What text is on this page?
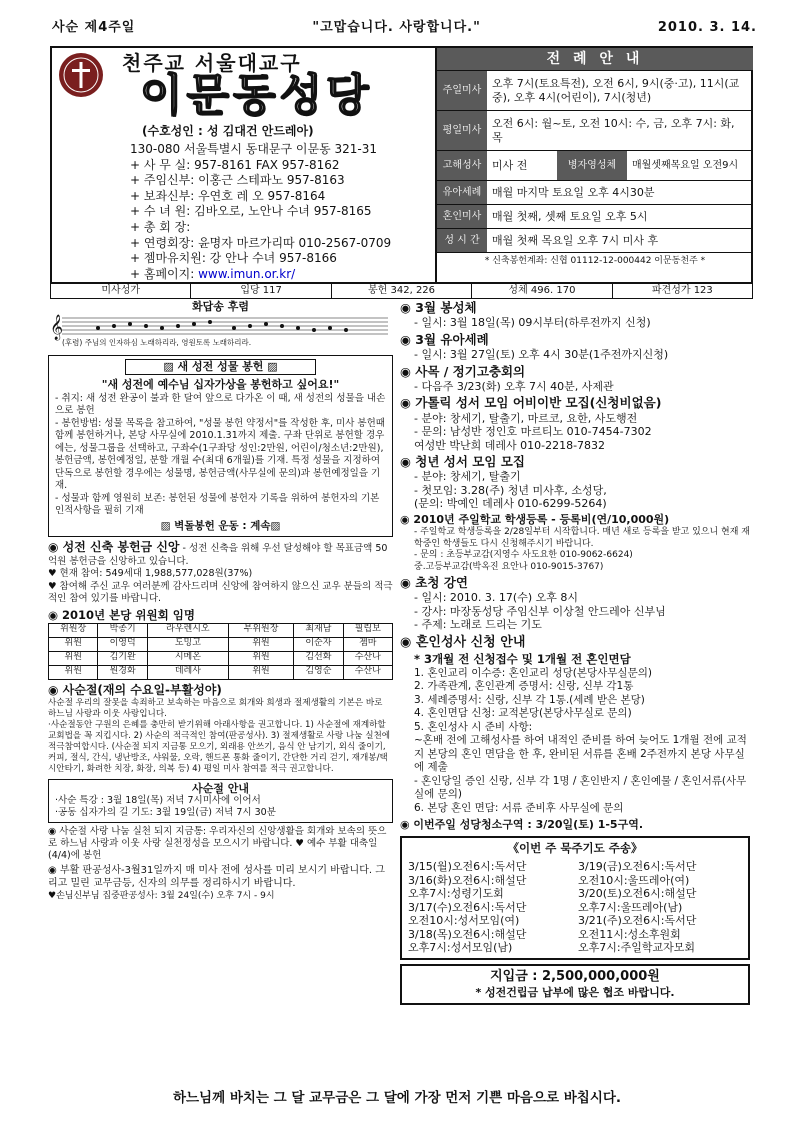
사순 제4주일	"고맙습니다. 사랑합니다."	2010. 3. 14.
천주교 서울대교구
이문동성당
(수호성인 : 성 김대건 안드레아)
130-080 서울특별시 동대문구 이문동 321-31
+ 사 무 실: 957-8161 FAX 957-8162
+ 주임신부: 이홍근 스테파노 957-8163
+ 보좌신부: 우연호 레 오 957-8164
+ 수 녀 원: 김바오로, 노안나 수녀 957-8165
+ 총 회 장:
+ 연령회장: 윤명자 마르가리따 010-2567-0709
+ 젬마유치원: 강 안나 수녀 957-8166
+ 홈페이지: www.imun.or.kr/
전 례 안 내
주일미사
오후 7시(토요특전), 오전 6시, 9시(중·고), 11시(교중), 오후 4시(어린이), 7시(청년)
평일미사
오전 6시: 월~토, 오전 10시: 수, 금, 오후 7시: 화, 목
고해성사 미사 전	병자영성체	매월셋째목요일 오전9시
유아세례 매월 마지막 토요일 오후 4시30분
혼인미사 매월 첫째, 셋째 토요일 오후 5시
성 시 간	매월 첫째 목요일 오후 7시 미사 후
* 신축봉헌계좌: 신협 01112-12-000442 이문동천주 *
미사성가	입당 117	봉헌 342, 226	성체 496. 170	파견성가 123
화답송 후렴
𝄞
(후렴) 주님의 인자하심 노래하리라, 영원토록 노래하리라.
▨ 새 성전 성물 봉헌 ▨
"새 성전에 예수님 십자가상을 봉헌하고 싶어요!"
- 취지: 새 성전 완공이 불과 한 달여 앞으로 다가온 이 때, 새 성전의 성물을 내손으로 봉헌
- 봉헌방법: 성물 목록을 참고하여, "성물 봉헌 약정서"를 작성한 후, 미사 봉헌때 함께 봉헌하거나, 본당 사무실에 2010.1.31까지 제출. 구좌 단위로 봉헌할 경우에는, 성물그룹을 선택하고, 구좌수(1구좌당 성인:2만원, 어린이/청소년:2만원), 봉헌금액, 봉헌예정일, 분할 개월 수(최대 6개월)를 기재. 특정 성물을 지정하여 단독으로 봉헌할 경우에는 성물명, 봉헌금액(사무실에 문의)과 봉헌예정일을 기재.
- 성물과 함께 영원히 보존: 봉헌된 성물에 봉헌자 기록을 위하여 봉헌자의 기본인적사항을 필히 기재
▨ 벽돌봉헌 운동 : 계속▨
◉ 성전 신축 봉헌금 신앙 - 성전 신축을 위해 우선 달성해야 할 목표금액 50억원 봉헌금을 신앙하고 있습니다.
♥ 현재 참여: 549세대 1,988,577,028원(37%)
♥ 참여해 주신 교우 여러분께 감사드리며 신앙에 참여하지 않으신 교우 분들의 적극적인 참여 있기를 바랍니다.
◉ 2010년 본당 위원회 임명
위원장	박종기	라우렌시오	부위원장	최재남	필립보
위원	이영덕	도밍고	위원	이순자	젬마
위원	김기완	시메온	위원	김선화	수산나
위원	원경화	데레사	위원	김영순	수산나
◉ 사순절(재의 수요일-부활성야)
사순절 우리의 잘못을 속죄하고 보속하는 마음으로 회개와 희생과 절제생활의 기본은 바로 하느님 사랑과 이웃 사랑입니다.
·사순절동안 구원의 은혜를 충만히 받기위해 아래사항을 권고합니다. 1) 사순절에 재계하할 교회법을 꼭 지킵시다. 2) 사순의 적극적인 참여(판공성사). 3) 절제생활로 사랑 나눔 실천에 적극참여합시다. (사순절 되지 지금통 모으기, 외래용 안쓰기, 음식 안 남기기, 외식 줄이기, 커피, 절식, 간식, 냉난방조, 샤워물, 오락, 핸드폰 통화 줄이기, 간단한 거리 걷기, 재개봉/택시안타기, 화려한 치장, 화장, 의복 등) 4) 평일 미사 참여를 적극 권고합니다.
사순절 안내
·사순 특강 : 3월 18일(목) 저녁 7시미사에 이어서
·공동 십자가의 길 기도: 3월 19일(금) 저녁 7시 30분
◉ 사순절 사랑 나눔 실천 되지 지금통: 우리자신의 신앙생활을 회개와 보속의 뜻으로 하느님 사랑과 이웃 사랑 실천정성을 모으시기 바랍니다. ♥ 예수 부활 대축일(4/4)에 봉헌
◉ 부활 판공성사-3월31일까지 매 미사 전에 성사를 미리 보시기 바랍니다. 그리고 밀린 교무금등, 신자의 의무를 정리하시기 바랍니다.
♥손님신부님 집중판공성사: 3월 24일(수) 오후 7시 - 9시
◉ 3월 봉성체
- 일시: 3월 18일(목) 09시부터(하루전까지 신청)
◉ 3월 유아세례
- 일시: 3월 27일(토) 오후 4시 30분(1주전까지신청)
◉ 사목 / 정기고충회의
- 다음주 3/23(화) 오후 7시 40분, 사제관
◉ 가톨릭 성서 모임 어비이반 모집(신청비없음)
- 분야: 창세기, 탈출기, 마르코, 요한, 사도행전
- 문의: 남성반 정인호 마르티노 010-7454-7302
여성반 박난희 데레사 010-2218-7832
◉ 청년 성서 모임 모집
- 분야: 창세기, 탈출기
- 첫모임: 3.28(주) 청년 미사후, 소성당,
(문의: 박예인 데레사 010-6299-5264)
◉ 2010년 주일학교 학생등록 - 등록비(연/10,000원)
- 주일학교 학생등록을 2/28일부터 시작합니다. 매년 새로 등록을 받고 있으니 현재 재학중인 학생들도 다시 신청해주시기 바랍니다.
- 문의 : 초등부교감(지영수 사도요한 010-9062-6624)
중.고등부교감(박옥진 요안나 010-9015-3767)
◉ 초청 강연
- 일시: 2010. 3. 17(수) 오후 8시
- 강사: 마장동성당 주임신부 이상철 안드레아 신부님
- 주제: 노래로 드리는 기도
◉ 혼인성사 신청 안내
* 3개월 전 신청접수 및 1개월 전 혼인면담
1. 혼인교리 이수증: 혼인교리 성당(본당사무실문의)
2. 가족관계, 혼인관계 증명서: 신랑, 신부 각1통
3. 세례증명서: 신랑, 신부 각 1통.(세례 받은 본당)
4. 혼인면담 신청: 교적본당(본당사무실로 문의)
5. 혼인성사 시 준비 사항:
~혼배 전에 고해성사를 하여 내적인 준비를 하여 늦어도 1개월 전에 교적지 본당의 혼인 면담을 한 후, 완비된 서류를 혼배 2주전까지 본당 사무실에 제출
- 혼인당일 증인 신랑, 신부 각 1명 / 혼인반지 / 혼인예물 / 혼인서류(사무실에 문의)
6. 본당 혼인 면담: 서류 준비후 사무실에 문의
◉ 이번주일 성당청소구역 : 3/20일(토) 1-5구역.
《이번 주 묵주기도 주송》
3/15(월)오전6시:독서단
3/16(화)오전6시:해설단
오후7시:성령기도회
3/17(수)오전6시:독서단
오전10시:성서모임(여)
3/18(목)오전6시:해설단
오후7시:성서모임(남)
3/19(금)오전6시:독서단
오전10시:울뜨레아(여)
3/20(토)오전6시:해설단
오후7시:울뜨레아(남)
3/21(주)오전6시:독서단
오전11시:성소후원회
오후7시:주일학교자모회
지입금 : 2,500,000,000원
* 성전건립금 납부에 많은 협조 바랍니다.
하느님께 바치는 그 달 교무금은 그 달에 가장 먼저 기쁜 마음으로 바칩시다.
